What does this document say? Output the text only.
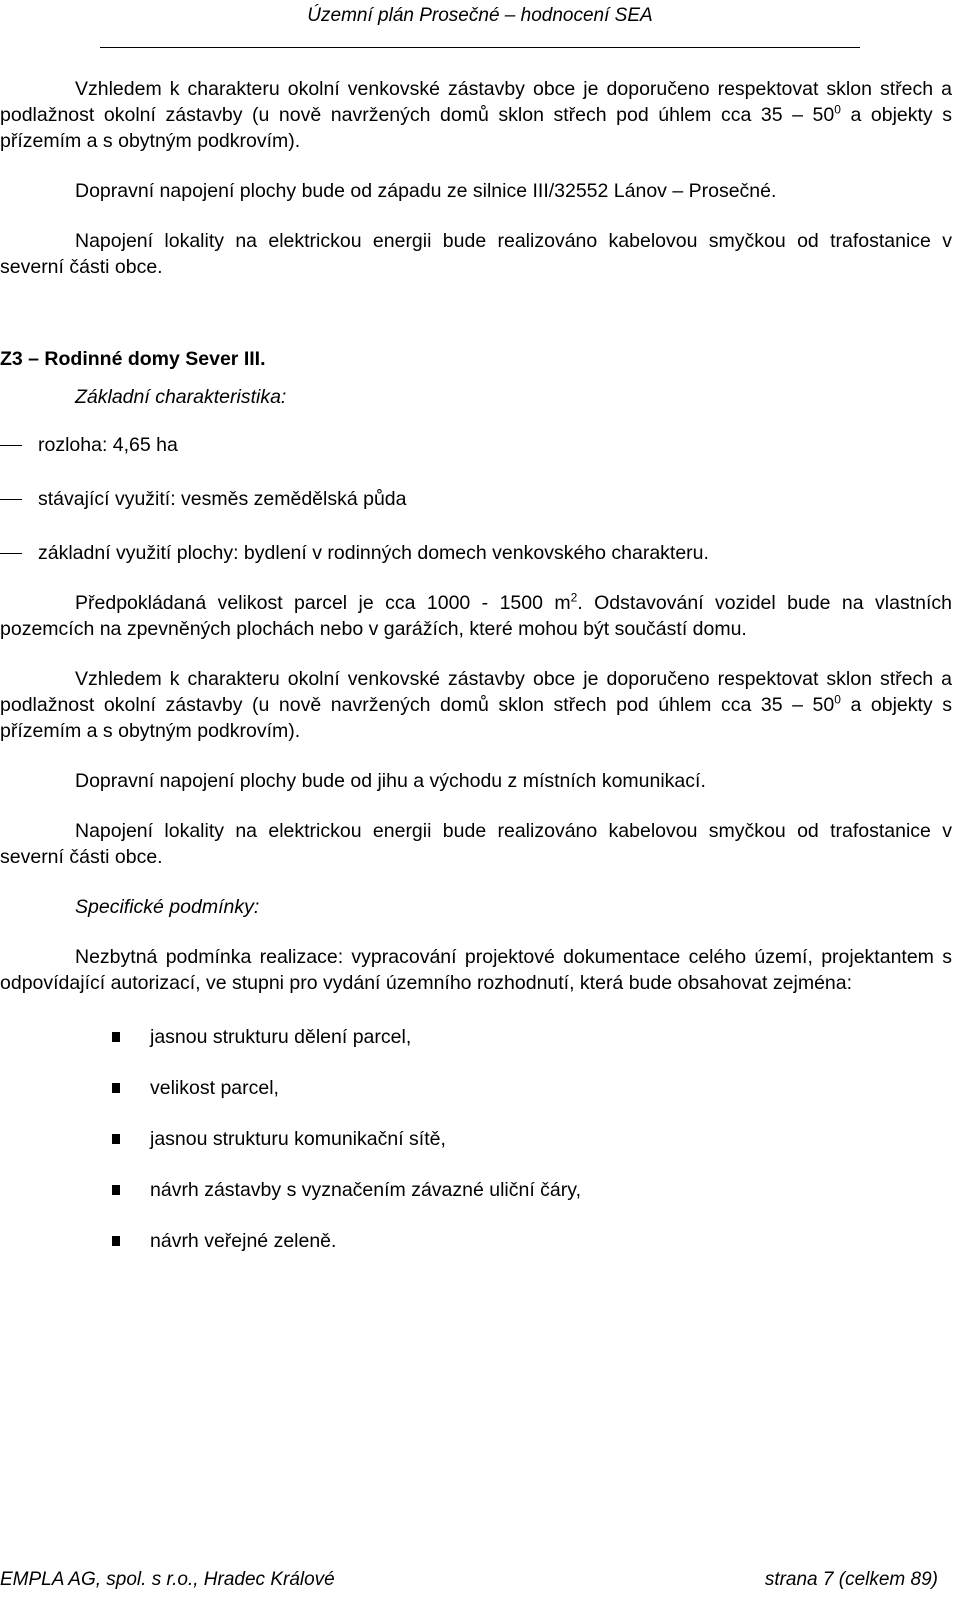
Územní plán Prosečné – hodnocení SEA

Vzhledem k charakteru okolní venkovské zástavby obce je doporučeno respektovat sklon střech a podlažnost okolní zástavby (u nově navržených domů sklon střech pod úhlem cca $35 - 50^0$ a objekty s přízemím a s obytným podkrovím).

Dopravní napojení plochy bude od západu ze silnice III/32552 Lánov – Prosečné.

Napojení lokality na elektrickou energii bude realizováno kabelovou smyčkou od trafostanice v severní části obce.

Z3 – Rodinné domy Sever III.

Základní charakteristika:

rozloha: 4,65 ha
stávající využití: vesměs zemědělská půda
základní využití plochy: bydlení v rodinných domech venkovského charakteru.

Předpokládaná velikost parcel je cca 1000 - 1500 $m^2$. Odstavování vozidel bude na vlastních pozemcích na zpevněných plochách nebo v garážích, které mohou být součástí domu.

Vzhledem k charakteru okolní venkovské zástavby obce je doporučeno respektovat sklon střech a podlažnost okolní zástavby (u nově navržených domů sklon střech pod úhlem cca $35 - 50^0$ a objekty s přízemím a s obytným podkrovím).

Dopravní napojení plochy bude od jihu a východu z místních komunikací.

Napojení lokality na elektrickou energii bude realizováno kabelovou smyčkou od trafostanice v severní části obce.

Specifické podmínky:

Nezbytná podmínka realizace: vypracování projektové dokumentace celého území, projektantem s odpovídající autorizací, ve stupni pro vydání územního rozhodnutí, která bude obsahovat zejména:

jasnou strukturu dělení parcel,
velikost parcel,
jasnou strukturu komunikační sítě,
návrh zástavby s vyznačením závazné uliční čáry,
návrh veřejné zeleně.
EMPLA AG, spol. s r.o., Hradec Králové	strana 7 (celkem 89)
